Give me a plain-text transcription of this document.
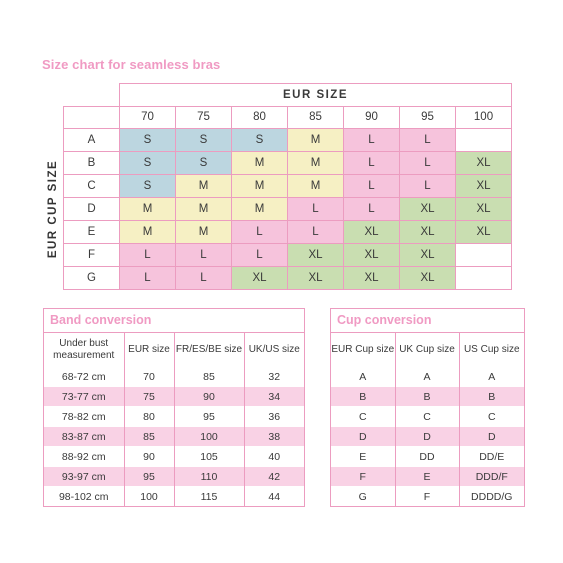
Size chart for seamless bras
		EUR SIZE						
		70	75	80	85	90	95	100

EUR CUP SIZE	A	S	S	S	M	L	L	
	B	S	S	M	M	L	L	XL
	C	S	M	M	M	L	L	XL
	D	M	M	M	L	L	XL	XL
	E	M	M	L	L	XL	XL	XL
	F	L	L	L	XL	XL	XL	
	G	L	L	XL	XL	XL	XL	
Band conversion
Under bust measurement	EUR size	FR/ES/BE size	UK/US size
68-72 cm	70	85	32
73-77 cm	75	90	34
78-82 cm	80	95	36
83-87 cm	85	100	38
88-92 cm	90	105	40
93-97 cm	95	110	42
98-102 cm	100	115	44
Cup conversion
EUR Cup size	UK Cup size	US Cup size
A	A	A
B	B	B
C	C	C
D	D	D
E	DD	DD/E
F	E	DDD/F
G	F	DDDD/G
